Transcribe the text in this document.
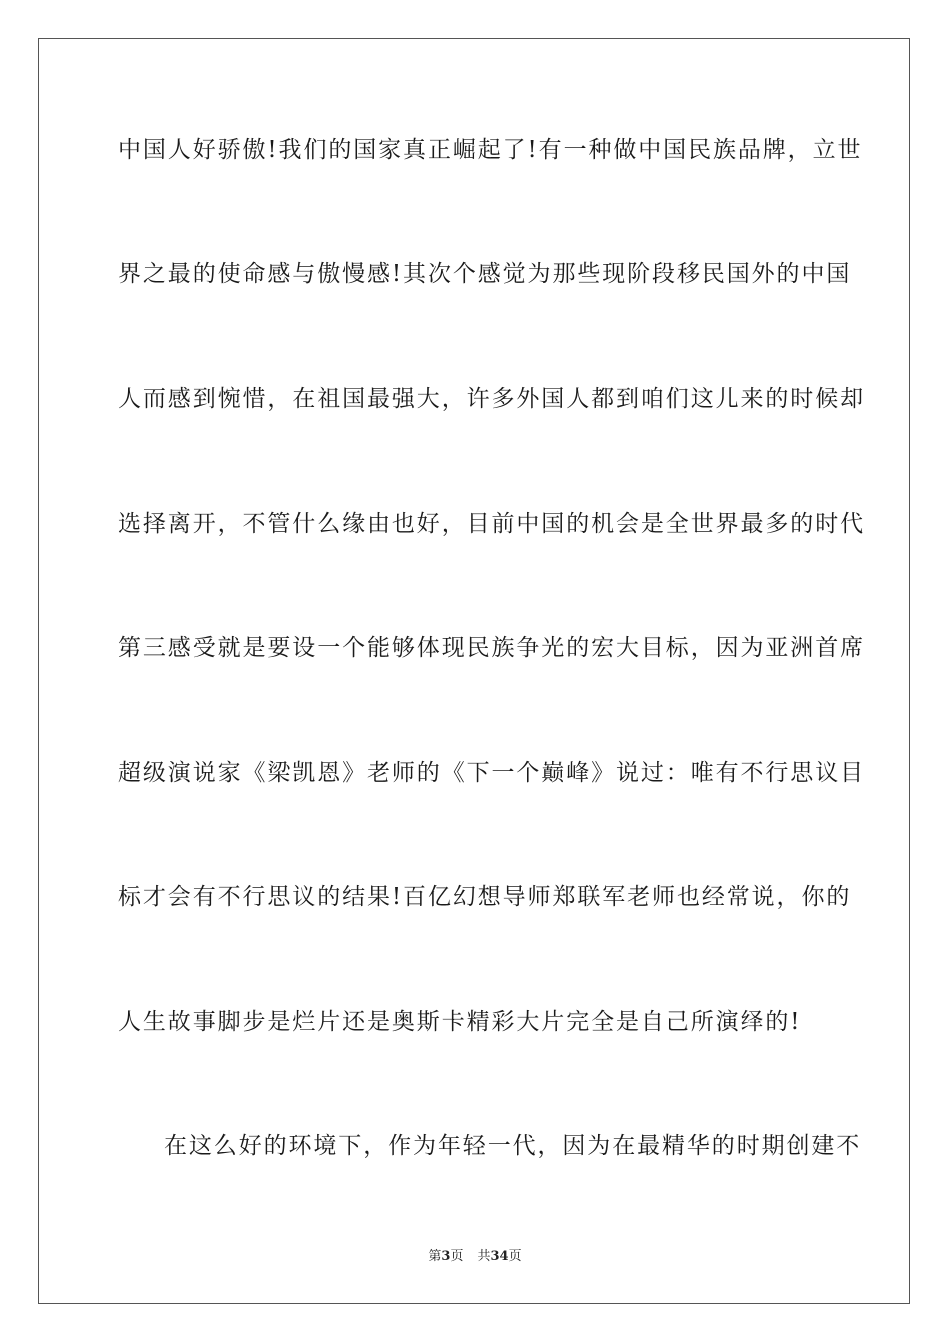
中国人好骄傲!我们的国家真正崛起了!有一种做中国民族品牌，立世
界之最的使命感与傲慢感!其次个感觉为那些现阶段移民国外的中国
人而感到惋惜，在祖国最强大，许多外国人都到咱们这儿来的时候却
选择离开，不管什么缘由也好，目前中国的机会是全世界最多的时代
第三感受就是要设一个能够体现民族争光的宏大目标，因为亚洲首席
超级演说家《梁凯恩》老师的《下一个巅峰》说过：唯有不行思议目
标才会有不行思议的结果!百亿幻想导师郑联军老师也经常说，你的
人生故事脚步是烂片还是奥斯卡精彩大片完全是自己所演绎的!
在这么好的环境下，作为年轻一代，因为在最精华的时期创建不
第3页 共34页
